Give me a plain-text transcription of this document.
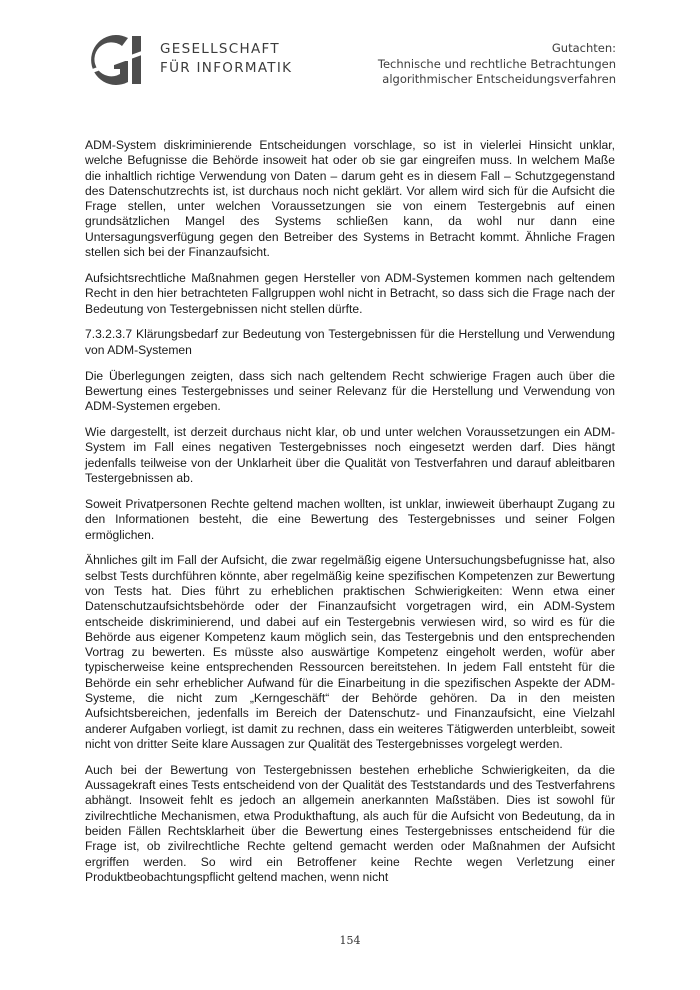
GESELLSCHAFT
FÜR INFORMATIK
Gutachten:
Technische und rechtliche Betrachtungen
algorithmischer Entscheidungsverfahren

ADM-System diskriminierende Entscheidungen vorschlage, so ist in vielerlei Hinsicht unklar, welche Befugnisse die Behörde insoweit hat oder ob sie gar eingreifen muss. In welchem Maße die inhaltlich richtige Verwendung von Daten – darum geht es in diesem Fall – Schutzgegenstand des Datenschutzrechts ist, ist durchaus noch nicht geklärt. Vor allem wird sich für die Aufsicht die Frage stellen, unter welchen Voraussetzungen sie von einem Testergebnis auf einen grundsätzlichen Mangel des Systems schließen kann, da wohl nur dann eine Untersagungsverfügung gegen den Betreiber des Systems in Betracht kommt. Ähnliche Fragen stellen sich bei der Finanzaufsicht.

Aufsichtsrechtliche Maßnahmen gegen Hersteller von ADM-Systemen kommen nach geltendem Recht in den hier betrachteten Fallgruppen wohl nicht in Betracht, so dass sich die Frage nach der Bedeutung von Testergebnissen nicht stellen dürfte.

7.3.2.3.7 Klärungsbedarf zur Bedeutung von Testergebnissen für die Herstellung und Verwendung von ADM-Systemen

Die Überlegungen zeigten, dass sich nach geltendem Recht schwierige Fragen auch über die Bewertung eines Testergebnisses und seiner Relevanz für die Herstellung und Verwendung von ADM-Systemen ergeben.

Wie dargestellt, ist derzeit durchaus nicht klar, ob und unter welchen Voraussetzungen ein ADM-System im Fall eines negativen Testergebnisses noch eingesetzt werden darf. Dies hängt jedenfalls teilweise von der Unklarheit über die Qualität von Testverfahren und darauf ableitbaren Testergebnissen ab.

Soweit Privatpersonen Rechte geltend machen wollten, ist unklar, inwieweit überhaupt Zugang zu den Informationen besteht, die eine Bewertung des Testergebnisses und seiner Folgen ermöglichen.

Ähnliches gilt im Fall der Aufsicht, die zwar regelmäßig eigene Untersuchungsbefugnisse hat, also selbst Tests durchführen könnte, aber regelmäßig keine spezifischen Kompetenzen zur Bewertung von Tests hat. Dies führt zu erheblichen praktischen Schwierigkeiten: Wenn etwa einer Datenschutzaufsichtsbehörde oder der Finanzaufsicht vorgetragen wird, ein ADM-System entscheide diskriminierend, und dabei auf ein Testergebnis verwiesen wird, so wird es für die Behörde aus eigener Kompetenz kaum möglich sein, das Testergebnis und den entsprechenden Vortrag zu bewerten. Es müsste also auswärtige Kompetenz eingeholt werden, wofür aber typischerweise keine entsprechenden Ressourcen bereitstehen. In jedem Fall entsteht für die Behörde ein sehr erheblicher Aufwand für die Einarbeitung in die spezifischen Aspekte der ADM-Systeme, die nicht zum „Kerngeschäft“ der Behörde gehören. Da in den meisten Aufsichtsbereichen, jedenfalls im Bereich der Datenschutz- und Finanzaufsicht, eine Vielzahl anderer Aufgaben vorliegt, ist damit zu rechnen, dass ein weiteres Tätigwerden unterbleibt, soweit nicht von dritter Seite klare Aussagen zur Qualität des Testergebnisses vorgelegt werden.

Auch bei der Bewertung von Testergebnissen bestehen erhebliche Schwierigkeiten, da die Aussagekraft eines Tests entscheidend von der Qualität des Teststandards und des Testverfahrens abhängt. Insoweit fehlt es jedoch an allgemein anerkannten Maßstäben. Dies ist sowohl für zivilrechtliche Mechanismen, etwa Produkthaftung, als auch für die Aufsicht von Bedeutung, da in beiden Fällen Rechtsklarheit über die Bewertung eines Testergebnisses entscheidend für die Frage ist, ob zivilrechtliche Rechte geltend gemacht werden oder Maßnahmen der Aufsicht ergriffen werden. So wird ein Betroffener keine Rechte wegen Verletzung einer Produktbeobachtungspflicht geltend machen, wenn nicht

154
